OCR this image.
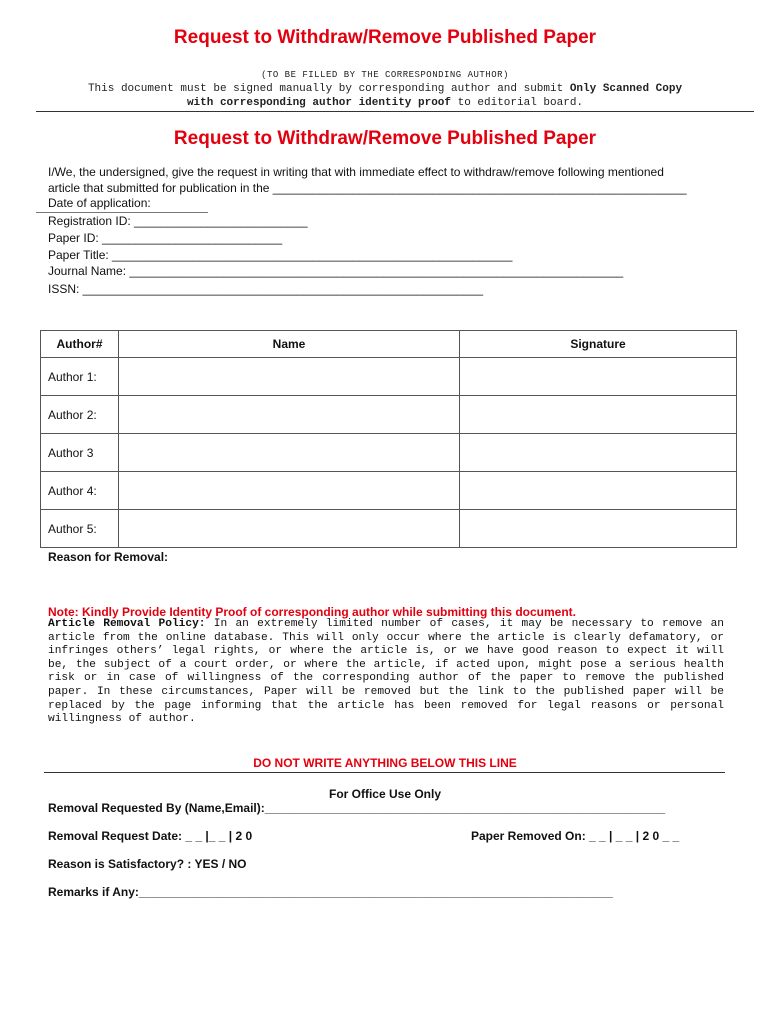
Request to Withdraw/Remove Published Paper
(TO BE FILLED BY THE CORRESPONDING AUTHOR)
This document must be signed manually by corresponding author and submit Only Scanned Copy
with corresponding author identity proof to editorial board.
Request to Withdraw/Remove Published Paper
I/We, the undersigned, give the request in writing that with immediate effect to withdraw/remove following mentioned
article that submitted for publication in the ______________________________________________________________
Date of application:
Registration ID: __________________________
Paper ID: ___________________________
Paper Title: ____________________________________________________________
Journal Name: __________________________________________________________________________
ISSN: ____________________________________________________________
Author#	Name	Signature
Author 1:		
Author 2:		
Author 3		
Author 4:		
Author 5:		
Reason for Removal:
Note: Kindly Provide Identity Proof of corresponding author while submitting this document.
Article Removal Policy: In an extremely limited number of cases, it may be necessary to remove an article from the online database. This will only occur where the article is clearly defamatory, or infringes others’ legal rights, or where the article is, or we have good reason to expect it will be, the subject of a court order, or where the article, if acted upon, might pose a serious health risk or in case of willingness of the corresponding author of the paper to remove the published paper. In these circumstances, Paper will be removed but the link to the published paper will be replaced by the page informing that the article has been removed for legal reasons or personal willingness of author.
DO NOT WRITE ANYTHING BELOW THIS LINE
For Office Use Only
Removal Requested By (Name,Email):____________________________________________________________
Removal Request Date: _ _ |_ _ | 2 0	Paper Removed On: _ _ | _ _ | 2 0 _ _
Reason is Satisfactory? : YES / NO
Remarks if Any:_______________________________________________________________________
